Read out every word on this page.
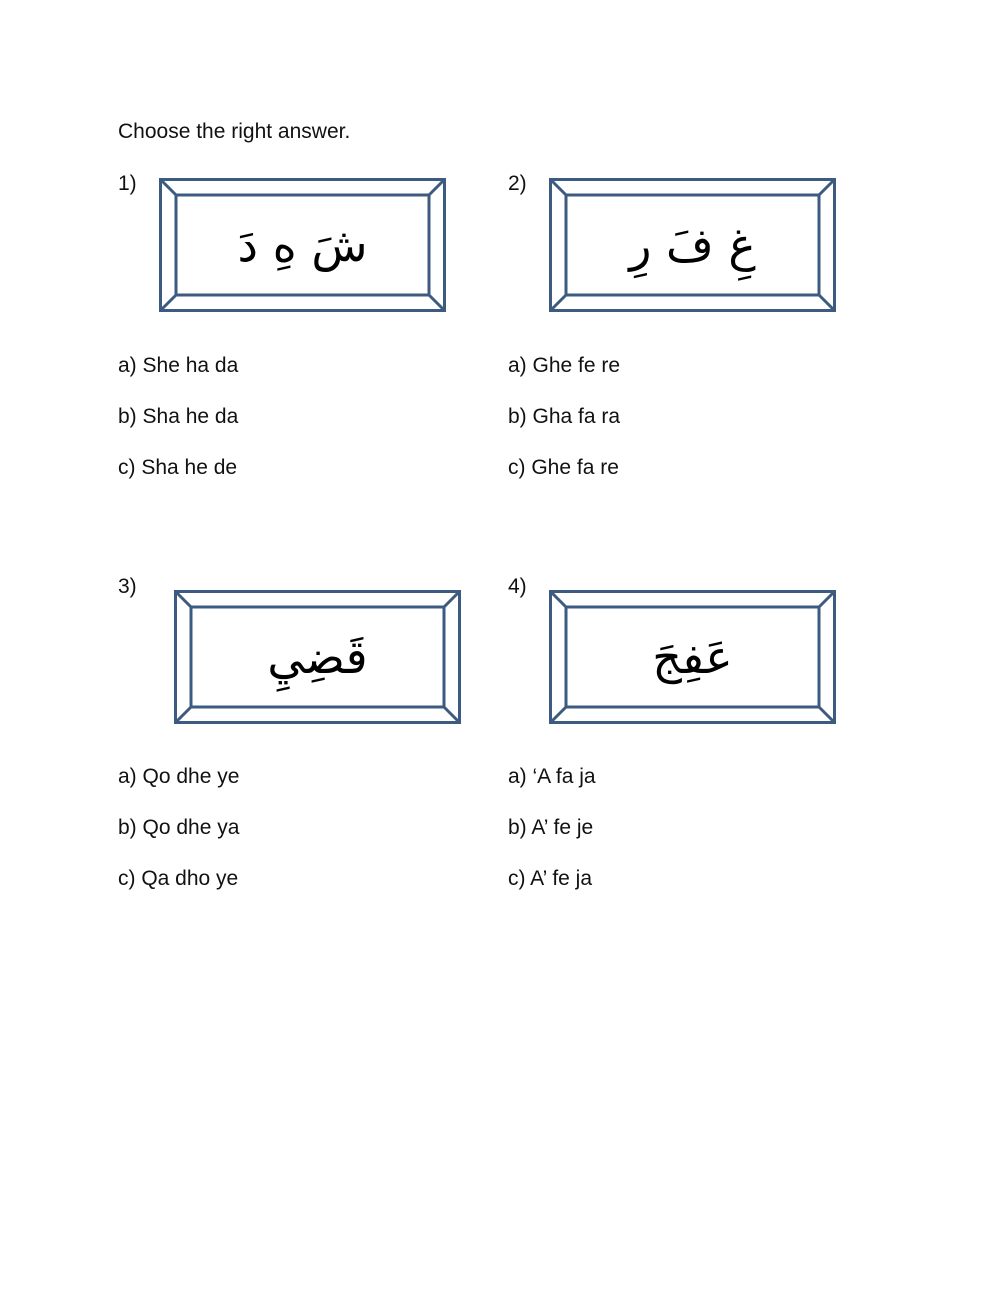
Choose the right answer.
1)
شَ هِ دَ
a) She ha da
b) Sha he da
c) Sha he de
2)
غِ فَ رِ
a) Ghe fe re
b) Gha fa ra
c) Ghe fa re
3)
قَضِيِ
a) Qo dhe ye
b) Qo dhe ya
c) Qa dho ye
4)
عَفِجَ
a) ‘A fa ja
b) A’ fe je
c) A’ fe ja
